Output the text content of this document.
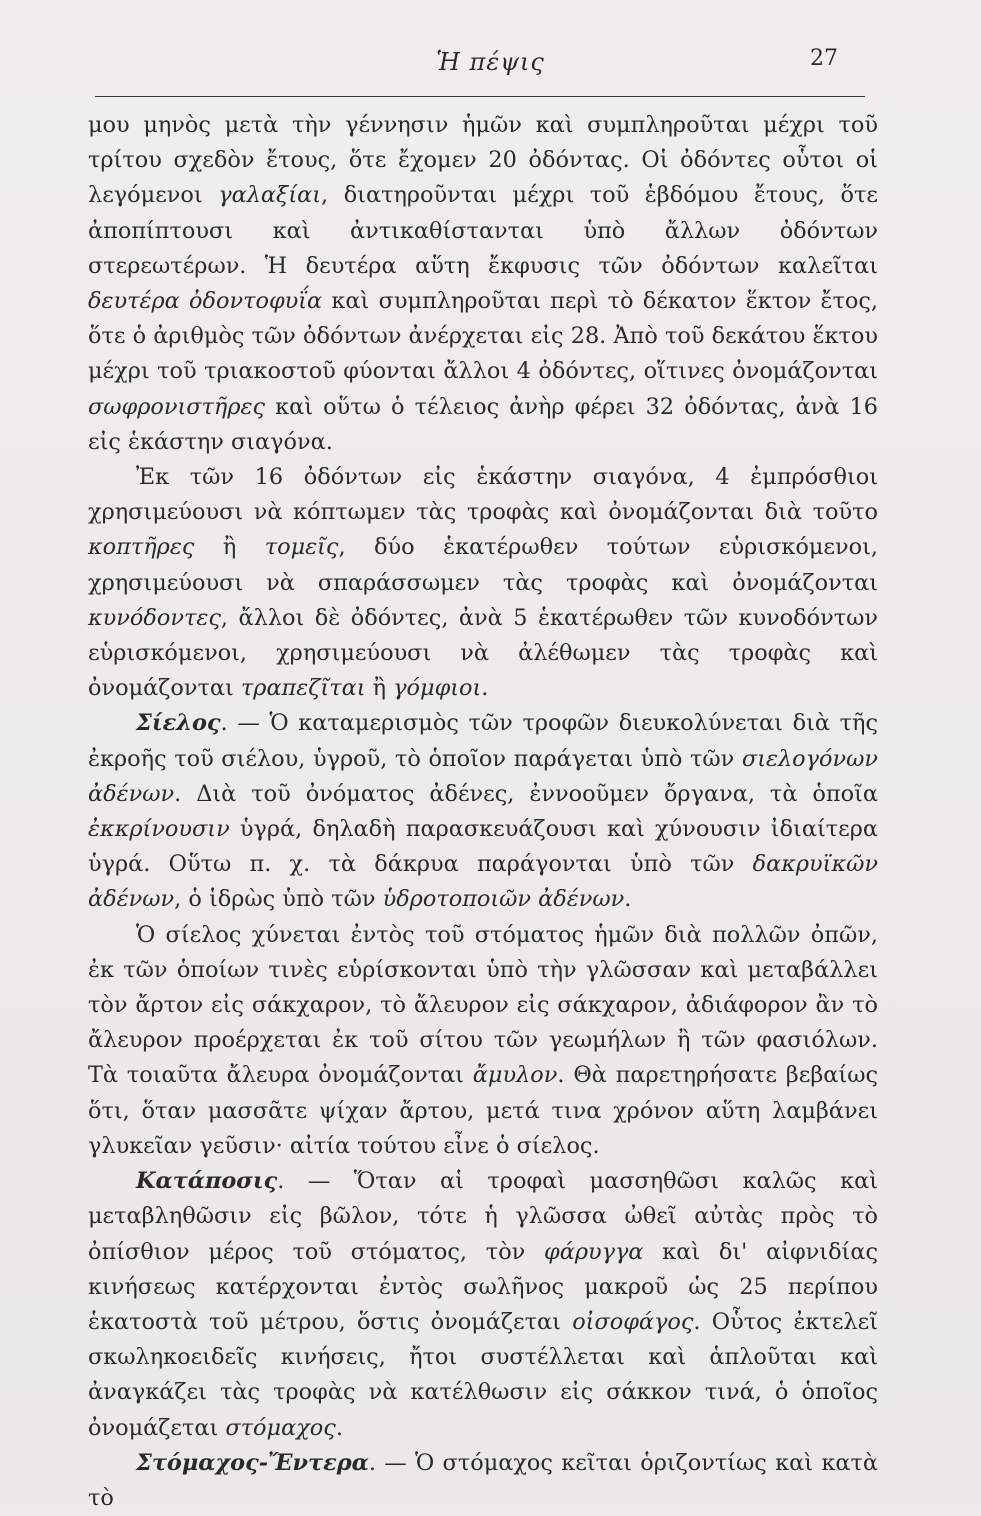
Ἡ πέψις	27

μου μηνὸς μετὰ τὴν γέννησιν ἡμῶν καὶ συμπληροῦται μέχρι τοῦ τρίτου σχεδὸν ἔτους, ὅτε ἔχομεν 20 ὀδόντας. Οἱ ὀδόντες οὗτοι οἱ λεγόμενοι γαλαξίαι, διατηροῦνται μέχρι τοῦ ἑβδόμου ἔτους, ὅτε ἀποπίπτουσι καὶ ἀντικαθίστανται ὑπὸ ἄλλων ὀδόντων στερεωτέρων. Ἡ δευτέρα αὕτη ἔκφυσις τῶν ὀδόντων καλεῖται δευτέρα ὀδοντοφυΐα καὶ συμπληροῦται περὶ τὸ δέκατον ἕκτον ἔτος, ὅτε ὁ ἀριθμὸς τῶν ὀδόντων ἀνέρχεται εἰς 28. Ἀπὸ τοῦ δεκάτου ἕκτου μέχρι τοῦ τριακοστοῦ φύονται ἄλλοι 4 ὀδόντες, οἵτινες ὀνομάζονται σωφρονιστῆρες καὶ οὕτω ὁ τέλειος ἀνὴρ φέρει 32 ὀδόντας, ἀνὰ 16 εἰς ἑκάστην σιαγόνα.

Ἐκ τῶν 16 ὀδόντων εἰς ἑκάστην σιαγόνα, 4 ἐμπρόσθιοι χρησιμεύουσι νὰ κόπτωμεν τὰς τροφὰς καὶ ὀνομάζονται διὰ τοῦτο κοπτῆρες ἢ τομεῖς, δύο ἑκατέρωθεν τούτων εὑρισκόμενοι, χρησιμεύουσι νὰ σπαράσσωμεν τὰς τροφὰς καὶ ὀνομάζονται κυνόδοντες, ἄλλοι δὲ ὀδόντες, ἀνὰ 5 ἑκατέρωθεν τῶν κυνοδόντων εὑρισκόμενοι, χρησιμεύουσι νὰ ἀλέθωμεν τὰς τροφὰς καὶ ὀνομάζονται τραπεζῖται ἢ γόμφιοι.

Σίελος. — Ὁ καταμερισμὸς τῶν τροφῶν διευκολύνεται διὰ τῆς ἐκροῆς τοῦ σιέλου, ὑγροῦ, τὸ ὁποῖον παράγεται ὑπὸ τῶν σιελογόνων ἀδένων. Διὰ τοῦ ὀνόματος ἀδένες, ἐννοοῦμεν ὄργανα, τὰ ὁποῖα ἐκκρίνουσιν ὑγρά, δηλαδὴ παρασκευάζουσι καὶ χύνουσιν ἰδιαίτερα ὑγρά. Οὕτω π. χ. τὰ δάκρυα παράγονται ὑπὸ τῶν δακρυϊκῶν ἀδένων, ὁ ἱδρὼς ὑπὸ τῶν ὑδροτοποιῶν ἀδένων.

Ὁ σίελος χύνεται ἐντὸς τοῦ στόματος ἡμῶν διὰ πολλῶν ὀπῶν, ἐκ τῶν ὁποίων τινὲς εὑρίσκονται ὑπὸ τὴν γλῶσσαν καὶ μεταβάλλει τὸν ἄρτον εἰς σάκχαρον, τὸ ἄλευρον εἰς σάκχαρον, ἀδιάφορον ἂν τὸ ἄλευρον προέρχεται ἐκ τοῦ σίτου τῶν γεωμήλων ἢ τῶν φασιόλων. Τὰ τοιαῦτα ἄλευρα ὀνομάζονται ἄμυλον. Θὰ παρετηρήσατε βεβαίως ὅτι, ὅταν μασσᾶτε ψίχαν ἄρτου, μετά τινα χρόνον αὕτη λαμβάνει γλυκεῖαν γεῦσιν· αἰτία τούτου εἶνε ὁ σίελος.

Κατάποσις. — Ὅταν αἱ τροφαὶ μασσηθῶσι καλῶς καὶ μεταβληθῶσιν εἰς βῶλον, τότε ἡ γλῶσσα ὠθεῖ αὐτὰς πρὸς τὸ ὀπίσθιον μέρος τοῦ στόματος, τὸν φάρυγγα καὶ δι' αἰφνιδίας κινήσεως κατέρχονται ἐντὸς σωλῆνος μακροῦ ὡς 25 περίπου ἑκατοστὰ τοῦ μέτρου, ὅστις ὀνομάζεται οἰσοφάγος. Οὗτος ἐκτελεῖ σκωληκοειδεῖς κινήσεις, ἤτοι συστέλλεται καὶ ἁπλοῦται καὶ ἀναγκάζει τὰς τροφὰς νὰ κατέλθωσιν εἰς σάκκον τινά, ὁ ὁποῖος ὀνομάζεται στόμαχος.

Στόμαχος-Ἔντερα. — Ὁ στόμαχος κεῖται ὁριζοντίως καὶ κατὰ τὸ
